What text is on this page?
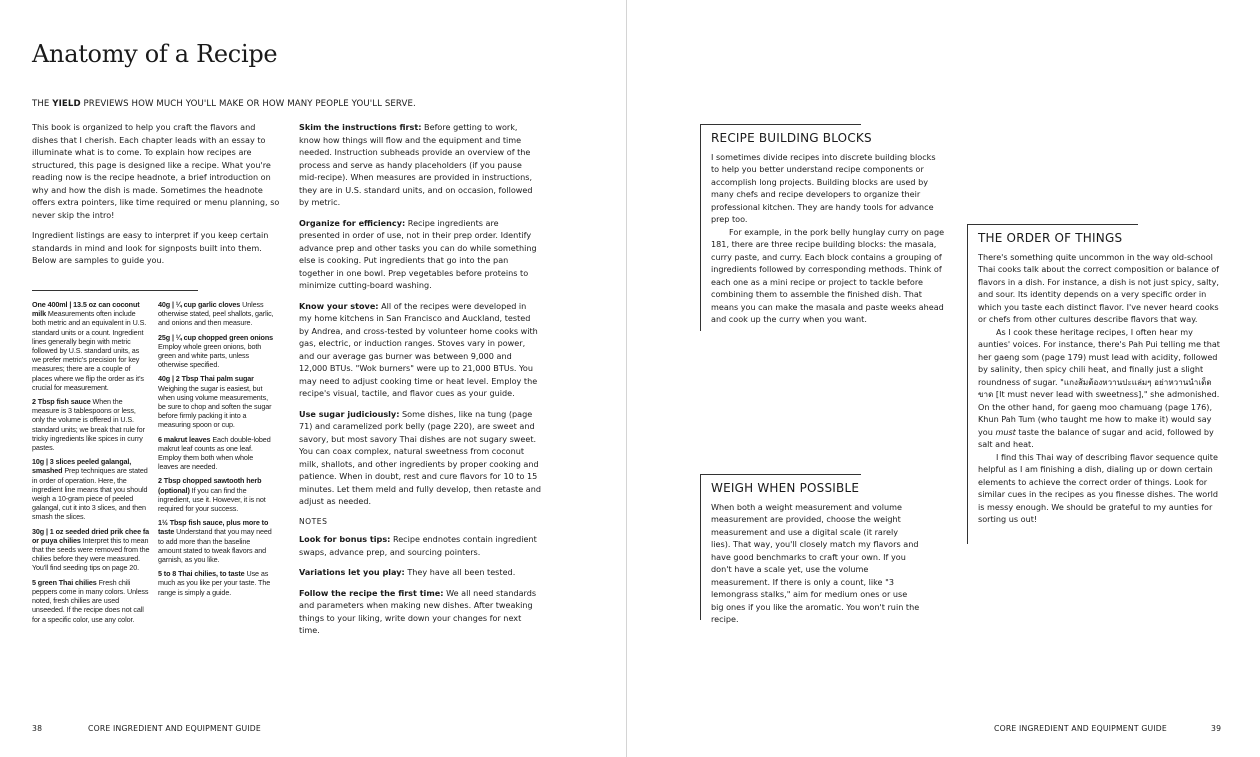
Anatomy of a Recipe
THE YIELD PREVIEWS HOW MUCH YOU'LL MAKE OR HOW MANY PEOPLE YOU'LL SERVE.

This book is organized to help you craft the flavors and dishes that I cherish. Each chapter leads with an essay to illuminate what is to come. To explain how recipes are structured, this page is designed like a recipe. What you're reading now is the recipe headnote, a brief introduction on why and how the dish is made. Sometimes the headnote offers extra pointers, like time required or menu planning, so never skip the intro!

Ingredient listings are easy to interpret if you keep certain standards in mind and look for signposts built into them. Below are samples to guide you.

One 400ml | 13.5 oz can coconut milk Measurements often include both metric and an equivalent in U.S. standard units or a count. Ingredient lines generally begin with metric followed by U.S. standard units, as we prefer metric's precision for key measures; there are a couple of places where we flip the order as it's crucial for measurement.

2 Tbsp fish sauce When the measure is 3 tablespoons or less, only the volume is offered in U.S. standard units; we break that rule for tricky ingredients like spices in curry pastes.

10g | 3 slices peeled galangal, smashed Prep techniques are stated in order of operation. Here, the ingredient line means that you should weigh a 10-gram piece of peeled galangal, cut it into 3 slices, and then smash the slices.

30g | 1 oz seeded dried prik chee fa or puya chilies Interpret this to mean that the seeds were removed from the chilies before they were measured. You'll find seeding tips on page 20.

5 green Thai chilies Fresh chili peppers come in many colors. Unless noted, fresh chilies are used unseeded. If the recipe does not call for a specific color, use any color.

40g | ¼ cup garlic cloves Unless otherwise stated, peel shallots, garlic, and onions and then measure.

25g | ¼ cup chopped green onions Employ whole green onions, both green and white parts, unless otherwise specified.

40g | 2 Tbsp Thai palm sugar Weighing the sugar is easiest, but when using volume measurements, be sure to chop and soften the sugar before firmly packing it into a measuring spoon or cup.

6 makrut leaves Each double-lobed makrut leaf counts as one leaf. Employ them both when whole leaves are needed.

2 Tbsp chopped sawtooth herb (optional) If you can find the ingredient, use it. However, it is not required for your success.

1½ Tbsp fish sauce, plus more to taste Understand that you may need to add more than the baseline amount stated to tweak flavors and garnish, as you like.

5 to 8 Thai chilies, to taste Use as much as you like per your taste. The range is simply a guide.

Skim the instructions first: Before getting to work, know how things will flow and the equipment and time needed. Instruction subheads provide an overview of the process and serve as handy placeholders (if you pause mid-recipe). When measures are provided in instructions, they are in U.S. standard units, and on occasion, followed by metric.

Organize for efficiency: Recipe ingredients are presented in order of use, not in their prep order. Identify advance prep and other tasks you can do while something else is cooking. Put ingredients that go into the pan together in one bowl. Prep vegetables before proteins to minimize cutting-board washing.

Know your stove: All of the recipes were developed in my home kitchens in San Francisco and Auckland, tested by Andrea, and cross-tested by volunteer home cooks with gas, electric, or induction ranges. Stoves vary in power, and our average gas burner was between 9,000 and 12,000 BTUs. "Wok burners" were up to 21,000 BTUs. You may need to adjust cooking time or heat level. Employ the recipe's visual, tactile, and flavor cues as your guide.

Use sugar judiciously: Some dishes, like na tung (page 71) and caramelized pork belly (page 220), are sweet and savory, but most savory Thai dishes are not sugary sweet. You can coax complex, natural sweetness from coconut milk, shallots, and other ingredients by proper cooking and patience. When in doubt, rest and cure flavors for 10 to 15 minutes. Let them meld and fully develop, then retaste and adjust as needed.

NOTES

Look for bonus tips: Recipe endnotes contain ingredient swaps, advance prep, and sourcing pointers.

Variations let you play: They have all been tested.

Follow the recipe the first time: We all need standards and parameters when making new dishes. After tweaking things to your liking, write down your changes for next time.

RECIPE BUILDING BLOCKS

I sometimes divide recipes into discrete building blocks to help you better understand recipe components or accomplish long projects. Building blocks are used by many chefs and recipe developers to organize their professional kitchen. They are handy tools for advance prep too.

For example, in the pork belly hunglay curry on page 181, there are three recipe building blocks: the masala, curry paste, and curry. Each block contains a grouping of ingredients followed by corresponding methods. Think of each one as a mini recipe or project to tackle before combining them to assemble the finished dish. That means you can make the masala and paste weeks ahead and cook up the curry when you want.

WEIGH WHEN POSSIBLE

When both a weight measurement and volume measurement are provided, choose the weight measurement and use a digital scale (it rarely lies). That way, you'll closely match my flavors and have good benchmarks to craft your own. If you don't have a scale yet, use the volume measurement. If there is only a count, like "3 lemongrass stalks," aim for medium ones or use big ones if you like the aromatic. You won't ruin the recipe.

THE ORDER OF THINGS

There's something quite uncommon in the way old-school Thai cooks talk about the correct composition or balance of flavors in a dish. For instance, a dish is not just spicy, salty, and sour. Its identity depends on a very specific order in which you taste each distinct flavor. I've never heard cooks or chefs from other cultures describe flavors that way.

As I cook these heritage recipes, I often hear my aunties' voices. For instance, there's Pah Pui telling me that her gaeng som (page 179) must lead with acidity, followed by salinity, then spicy chili heat, and finally just a slight roundness of sugar. "แกงส้มต้องหวานปะแล่มๆ อย่าหวานนำเด็ดขาด [It must never lead with sweetness]," she admonished. On the other hand, for gaeng moo chamuang (page 176), Khun Pah Tum (who taught me how to make it) would say you must taste the balance of sugar and acid, followed by salt and heat.

I find this Thai way of describing flavor sequence quite helpful as I am finishing a dish, dialing up or down certain elements to achieve the correct order of things. Look for similar cues in the recipes as you finesse dishes. The world is messy enough. We should be grateful to my aunties for sorting us out!

38	CORE INGREDIENT AND EQUIPMENT GUIDE	CORE INGREDIENT AND EQUIPMENT GUIDE	39
